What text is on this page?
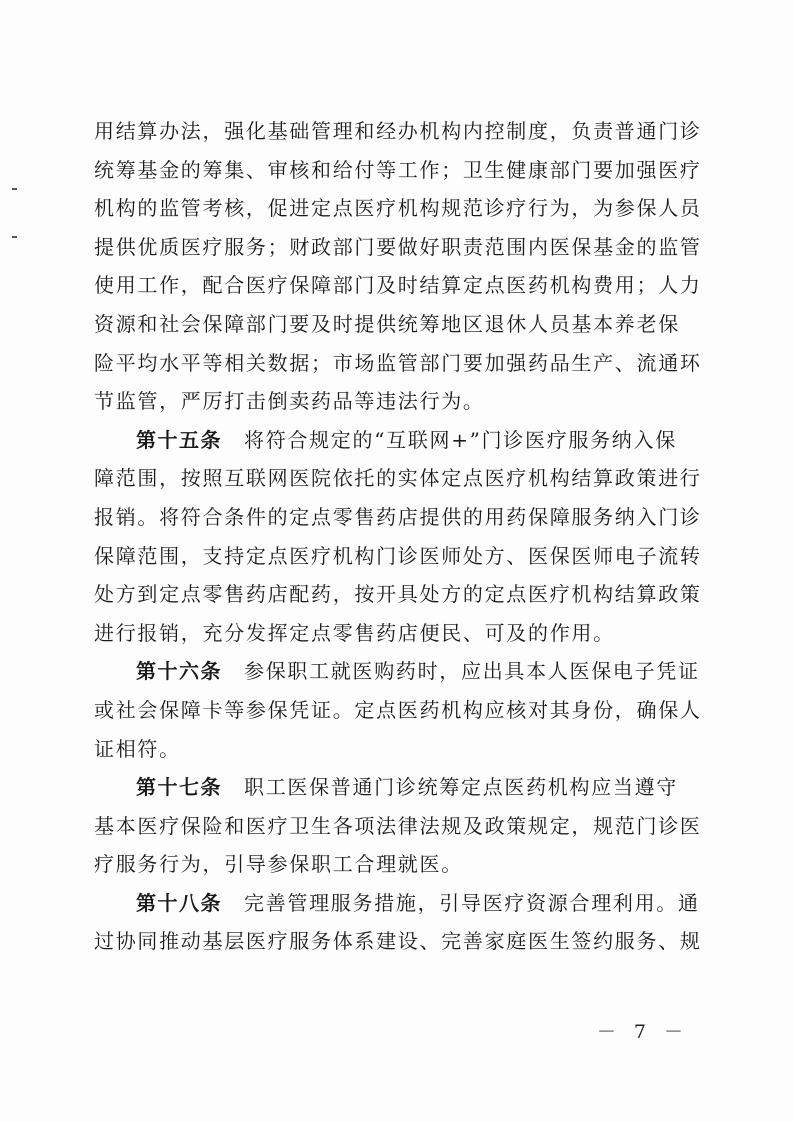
用结算办法，强化基础管理和经办机构内控制度，负责普通门诊
统筹基金的筹集、审核和给付等工作；卫生健康部门要加强医疗
机构的监管考核，促进定点医疗机构规范诊疗行为，为参保人员
提供优质医疗服务；财政部门要做好职责范围内医保基金的监管
使用工作，配合医疗保障部门及时结算定点医药机构费用；人力
资源和社会保障部门要及时提供统筹地区退休人员基本养老保
险平均水平等相关数据；市场监管部门要加强药品生产、流通环
节监管，严厉打击倒卖药品等违法行为。

第十五条 将符合规定的“互联网+”门诊医疗服务纳入保
障范围，按照互联网医院依托的实体定点医疗机构结算政策进行
报销。将符合条件的定点零售药店提供的用药保障服务纳入门诊
保障范围，支持定点医疗机构门诊医师处方、医保医师电子流转
处方到定点零售药店配药，按开具处方的定点医疗机构结算政策
进行报销，充分发挥定点零售药店便民、可及的作用。

第十六条 参保职工就医购药时，应出具本人医保电子凭证
或社会保障卡等参保凭证。定点医药机构应核对其身份，确保人
证相符。

第十七条 职工医保普通门诊统筹定点医药机构应当遵守
基本医疗保险和医疗卫生各项法律法规及政策规定，规范门诊医
疗服务行为，引导参保职工合理就医。

第十八条 完善管理服务措施，引导医疗资源合理利用。通
过协同推动基层医疗服务体系建设、完善家庭医生签约服务、规

－ 7 －
